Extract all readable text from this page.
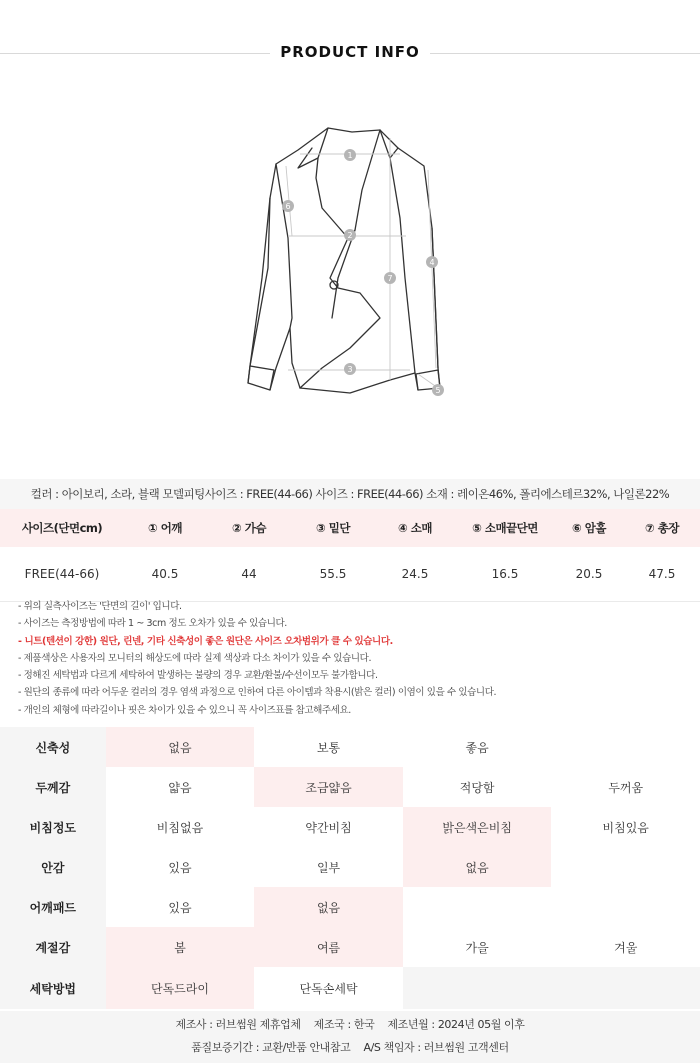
PRODUCT INFO
1
2
3
4
5
6
7
컬러 : 아이보리, 소라, 블랙 모델피팅사이즈 : FREE(44-66) 사이즈 : FREE(44-66) 소재 : 레이온46%, 폴리에스테르32%, 나일론22%
사이즈(단면cm)	① 어깨	② 가슴	③ 밑단	④ 소매	⑤ 소매끝단면	⑥ 암홀	⑦ 총장
FREE(44-66)	40.5	44	55.5	24.5	16.5	20.5	47.5
- 위의 실측사이즈는 '단면의 길이' 입니다.
- 사이즈는 측정방법에 따라 1 ~ 3cm 정도 오차가 있을 수 있습니다.
- 니트(텐션이 강한) 원단, 린넨, 기타 신축성이 좋은 원단은 사이즈 오차범위가 클 수 있습니다.
- 제품색상은 사용자의 모니터의 해상도에 따라 실제 색상과 다소 차이가 있을 수 있습니다.
- 정해진 세탁법과 다르게 세탁하여 발생하는 불량의 경우 교환/환불/수선이모두 불가합니다.
- 원단의 종류에 따라 어두운 컬러의 경우 염색 과정으로 인하여 다른 아이템과 착용시(밝은 컬러) 이염이 있을 수 있습니다.
- 개인의 체형에 따라길이나 핏은 차이가 있을 수 있으니 꼭 사이즈표를 참고해주세요.
신축성	없음	보통	좋음
두께감	얇음	조금얇음	적당함	두꺼움
비침정도	비침없음	약간비침	밝은색은비침	비침있음
안감	있음	일부	없음
어깨패드	있음	없음
계절감	봄	여름	가을	겨울
세탁방법	단독드라이	단독손세탁
제조사 : 러브썸원 제휴업체 제조국 : 한국 제조년월 : 2024년 05월 이후
품질보증기간 : 교환/반품 안내참고 A/S 책임자 : 러브썸원 고객센터
